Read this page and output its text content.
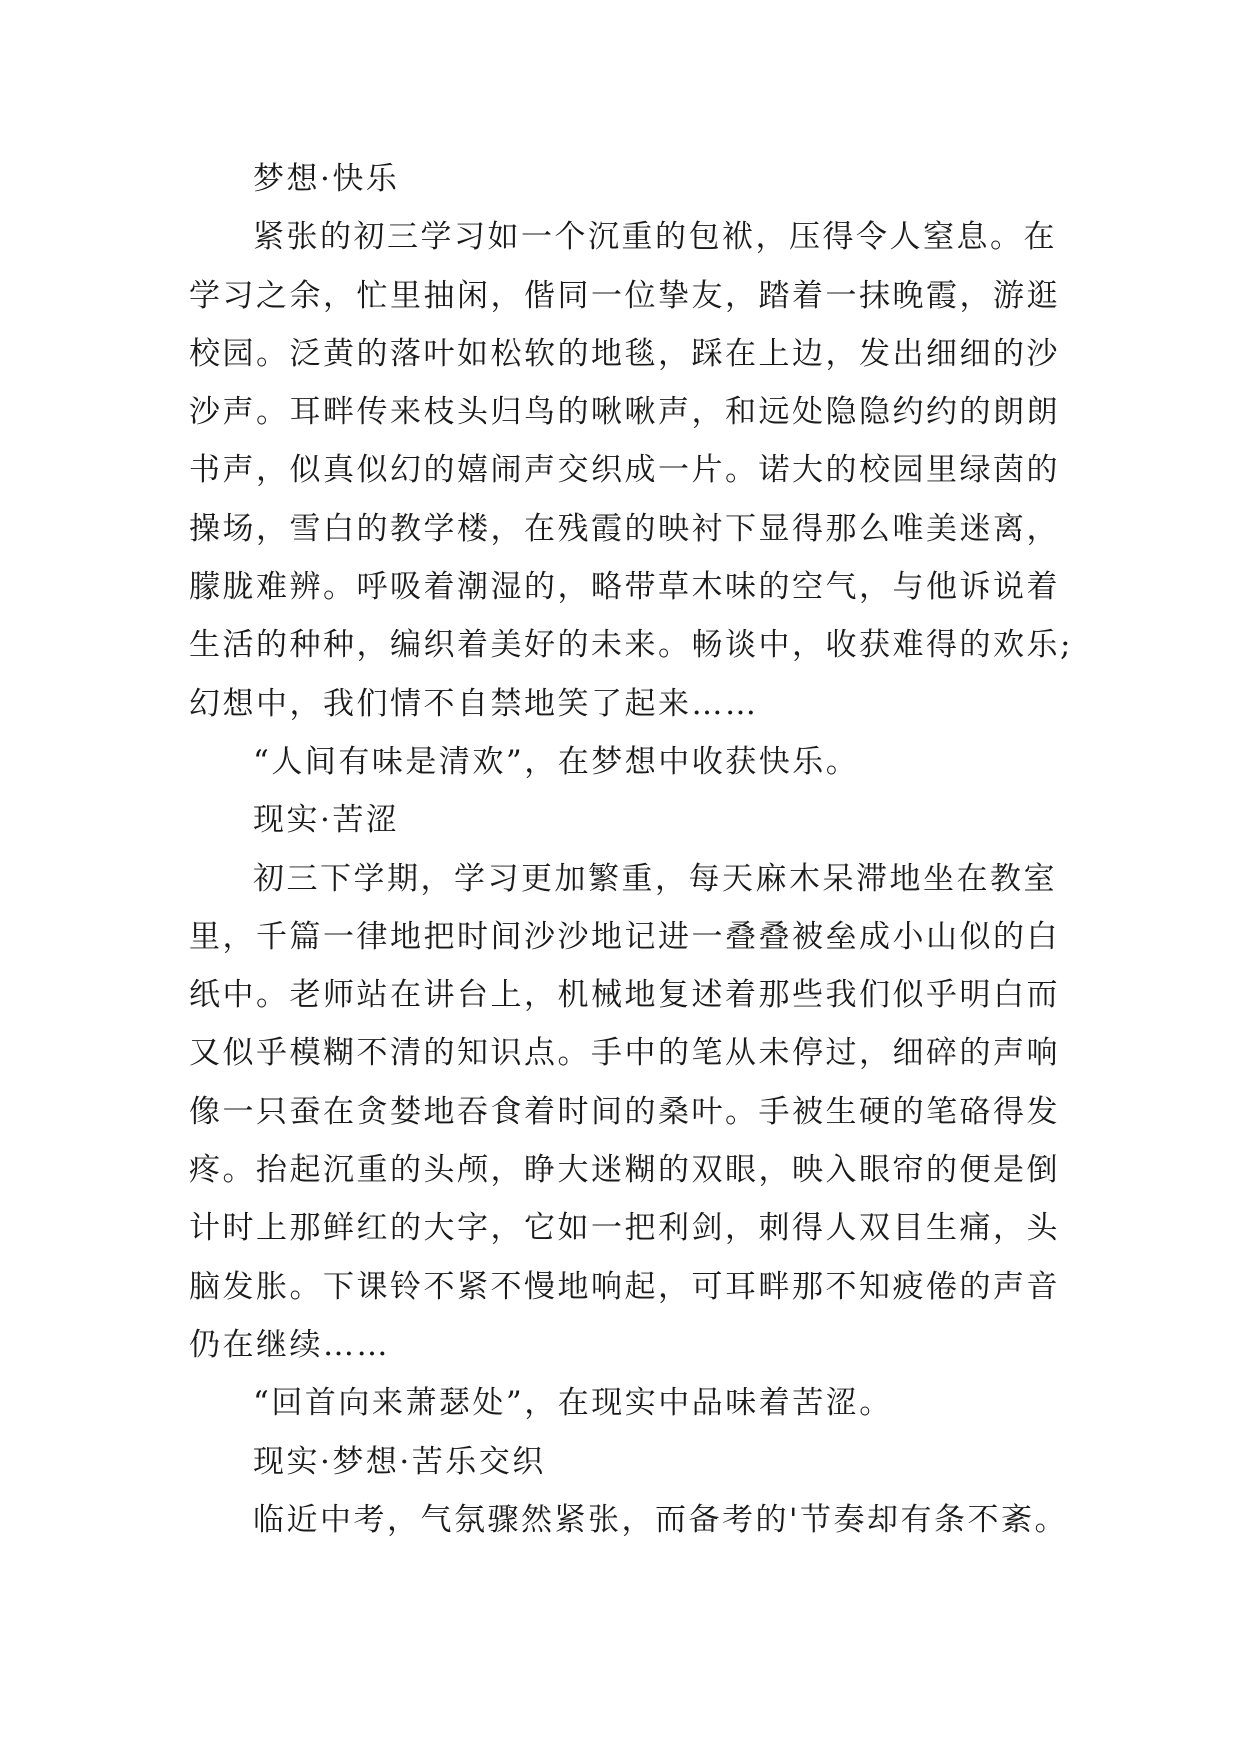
梦想·快乐
紧张的初三学习如一个沉重的包袱，压得令人窒息。在
学习之余，忙里抽闲，偕同一位挚友，踏着一抹晚霞，游逛
校园。泛黄的落叶如松软的地毯，踩在上边，发出细细的沙
沙声。耳畔传来枝头归鸟的啾啾声，和远处隐隐约约的朗朗
书声，似真似幻的嬉闹声交织成一片。诺大的校园里绿茵的
操场，雪白的教学楼，在残霞的映衬下显得那么唯美迷离，
朦胧难辨。呼吸着潮湿的，略带草木味的空气，与他诉说着
生活的种种，编织着美好的未来。畅谈中，收获难得的欢乐;
幻想中，我们情不自禁地笑了起来……
“人间有味是清欢”，在梦想中收获快乐。
现实·苦涩
初三下学期，学习更加繁重，每天麻木呆滞地坐在教室
里，千篇一律地把时间沙沙地记进一叠叠被垒成小山似的白
纸中。老师站在讲台上，机械地复述着那些我们似乎明白而
又似乎模糊不清的知识点。手中的笔从未停过，细碎的声响
像一只蚕在贪婪地吞食着时间的桑叶。手被生硬的笔硌得发
疼。抬起沉重的头颅，睁大迷糊的双眼，映入眼帘的便是倒
计时上那鲜红的大字，它如一把利剑，刺得人双目生痛，头
脑发胀。下课铃不紧不慢地响起，可耳畔那不知疲倦的声音
仍在继续……
“回首向来萧瑟处”，在现实中品味着苦涩。
现实·梦想·苦乐交织
临近中考，气氛骤然紧张，而备考的'节奏却有条不紊。
